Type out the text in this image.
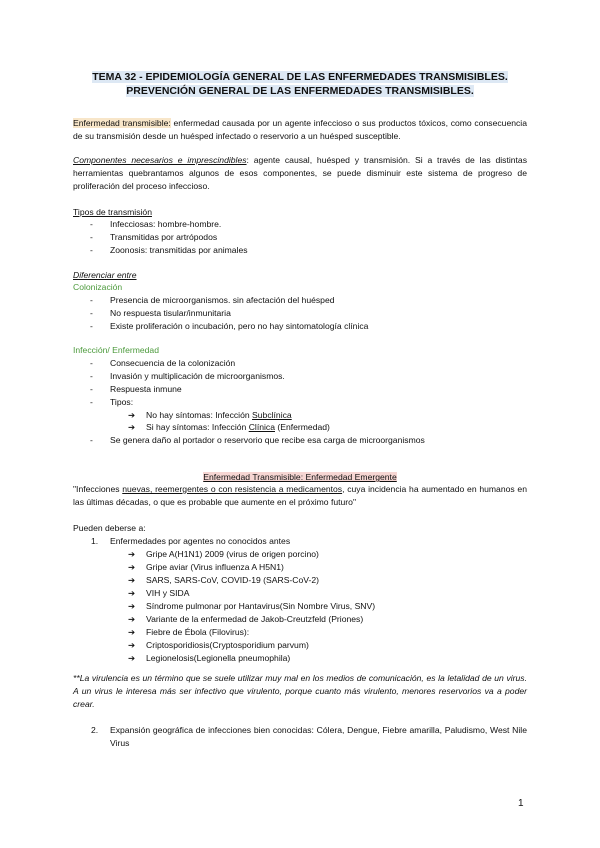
TEMA 32 - EPIDEMIOLOGÍA GENERAL DE LAS ENFERMEDADES TRANSMISIBLES.
PREVENCIÓN GENERAL DE LAS ENFERMEDADES TRANSMISIBLES.
Enfermedad transmisible: enfermedad causada por un agente infeccioso o sus productos tóxicos, como consecuencia de su transmisión desde un huésped infectado o reservorio a un huésped susceptible.
Componentes necesarios e imprescindibles: agente causal, huésped y transmisión. Si a través de las distintas herramientas quebrantamos algunos de esos componentes, se puede disminuir este sistema de progreso de proliferación del proceso infeccioso.
Tipos de transmisión
- Infecciosas: hombre-hombre.
- Transmitidas por artrópodos
- Zoonosis: transmitidas por animales
Diferenciar entre
Colonización
- Presencia de microorganismos. sin afectación del huésped
- No respuesta tisular/inmunitaria
- Existe proliferación o incubación, pero no hay sintomatología clínica
Infección/ Enfermedad
- Consecuencia de la colonización
- Invasión y multiplicación de microorganismos.
- Respuesta inmune
- Tipos:
➔ No hay síntomas: Infección Subclínica
➔ Si hay síntomas: Infección Clínica (Enfermedad)
- Se genera daño al portador o reservorio que recibe esa carga de microorganismos
Enfermedad Transmisible: Enfermedad Emergente
"Infecciones nuevas, reemergentes o con resistencia a medicamentos, cuya incidencia ha aumentado en humanos en las últimas décadas, o que es probable que aumente en el próximo futuro"
Pueden deberse a:
1. Enfermedades por agentes no conocidos antes
➔ Gripe A(H1N1) 2009 (virus de origen porcino)
➔ Gripe aviar (Virus influenza A H5N1)
➔ SARS, SARS-CoV, COVID-19 (SARS-CoV-2)
➔ VIH y SIDA
➔ Síndrome pulmonar por Hantavirus(Sin Nombre Virus, SNV)
➔ Variante de la enfermedad de Jakob-Creutzfeld (Priones)
➔ Fiebre de Ébola (Filovirus):
➔ Criptosporidiosis(Cryptosporidium parvum)
➔ Legionelosis(Legionella pneumophila)
**La virulencia es un término que se suele utilizar muy mal en los medios de comunicación, es la letalidad de un virus. A un virus le interesa más ser infectivo que virulento, porque cuanto más virulento, menores reservorios va a poder crear.
2. Expansión geográfica de infecciones bien conocidas: Cólera, Dengue, Fiebre amarilla, Paludismo, West Nile Virus
1
